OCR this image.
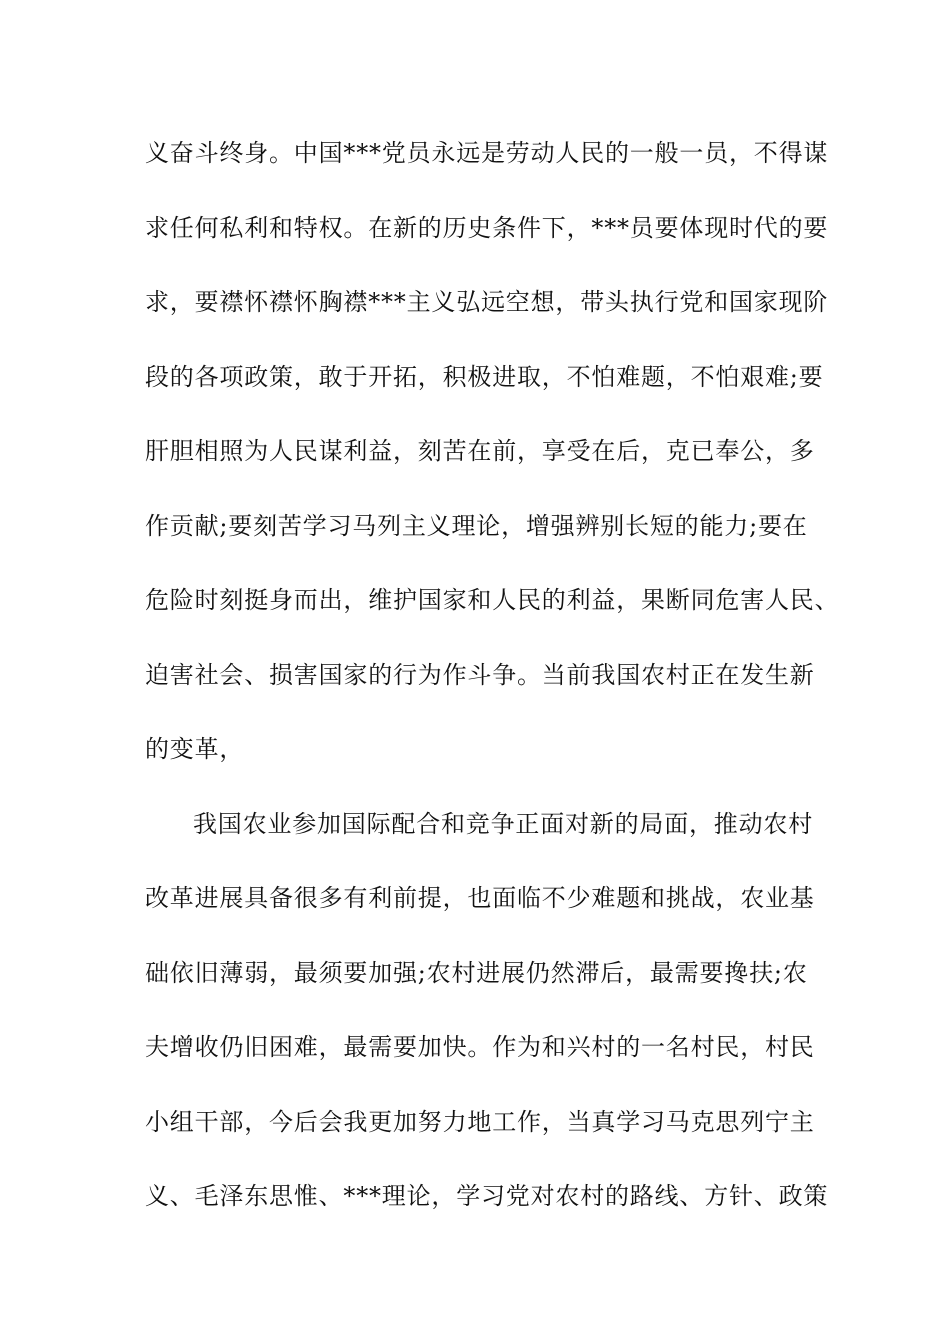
义奋斗终身。中国***党员永远是劳动人民的一般一员，不得谋
求任何私利和特权。在新的历史条件下，***员要体现时代的要
求，要襟怀襟怀胸襟***主义弘远空想，带头执行党和国家现阶
段的各项政策，敢于开拓，积极进取，不怕难题，不怕艰难;要
肝胆相照为人民谋利益，刻苦在前，享受在后，克已奉公，多
作贡献;要刻苦学习马列主义理论，增强辨别长短的能力;要在
危险时刻挺身而出，维护国家和人民的利益，果断同危害人民、
迫害社会、损害国家的行为作斗争。当前我国农村正在发生新
的变革，
我国农业参加国际配合和竞争正面对新的局面，推动农村
改革进展具备很多有利前提，也面临不少难题和挑战，农业基
础依旧薄弱，最须要加强;农村进展仍然滞后，最需要搀扶;农
夫增收仍旧困难，最需要加快。作为和兴村的一名村民，村民
小组干部，今后会我更加努力地工作，当真学习马克思列宁主
义、毛泽东思惟、***理论，学习党对农村的路线、方针、政策
